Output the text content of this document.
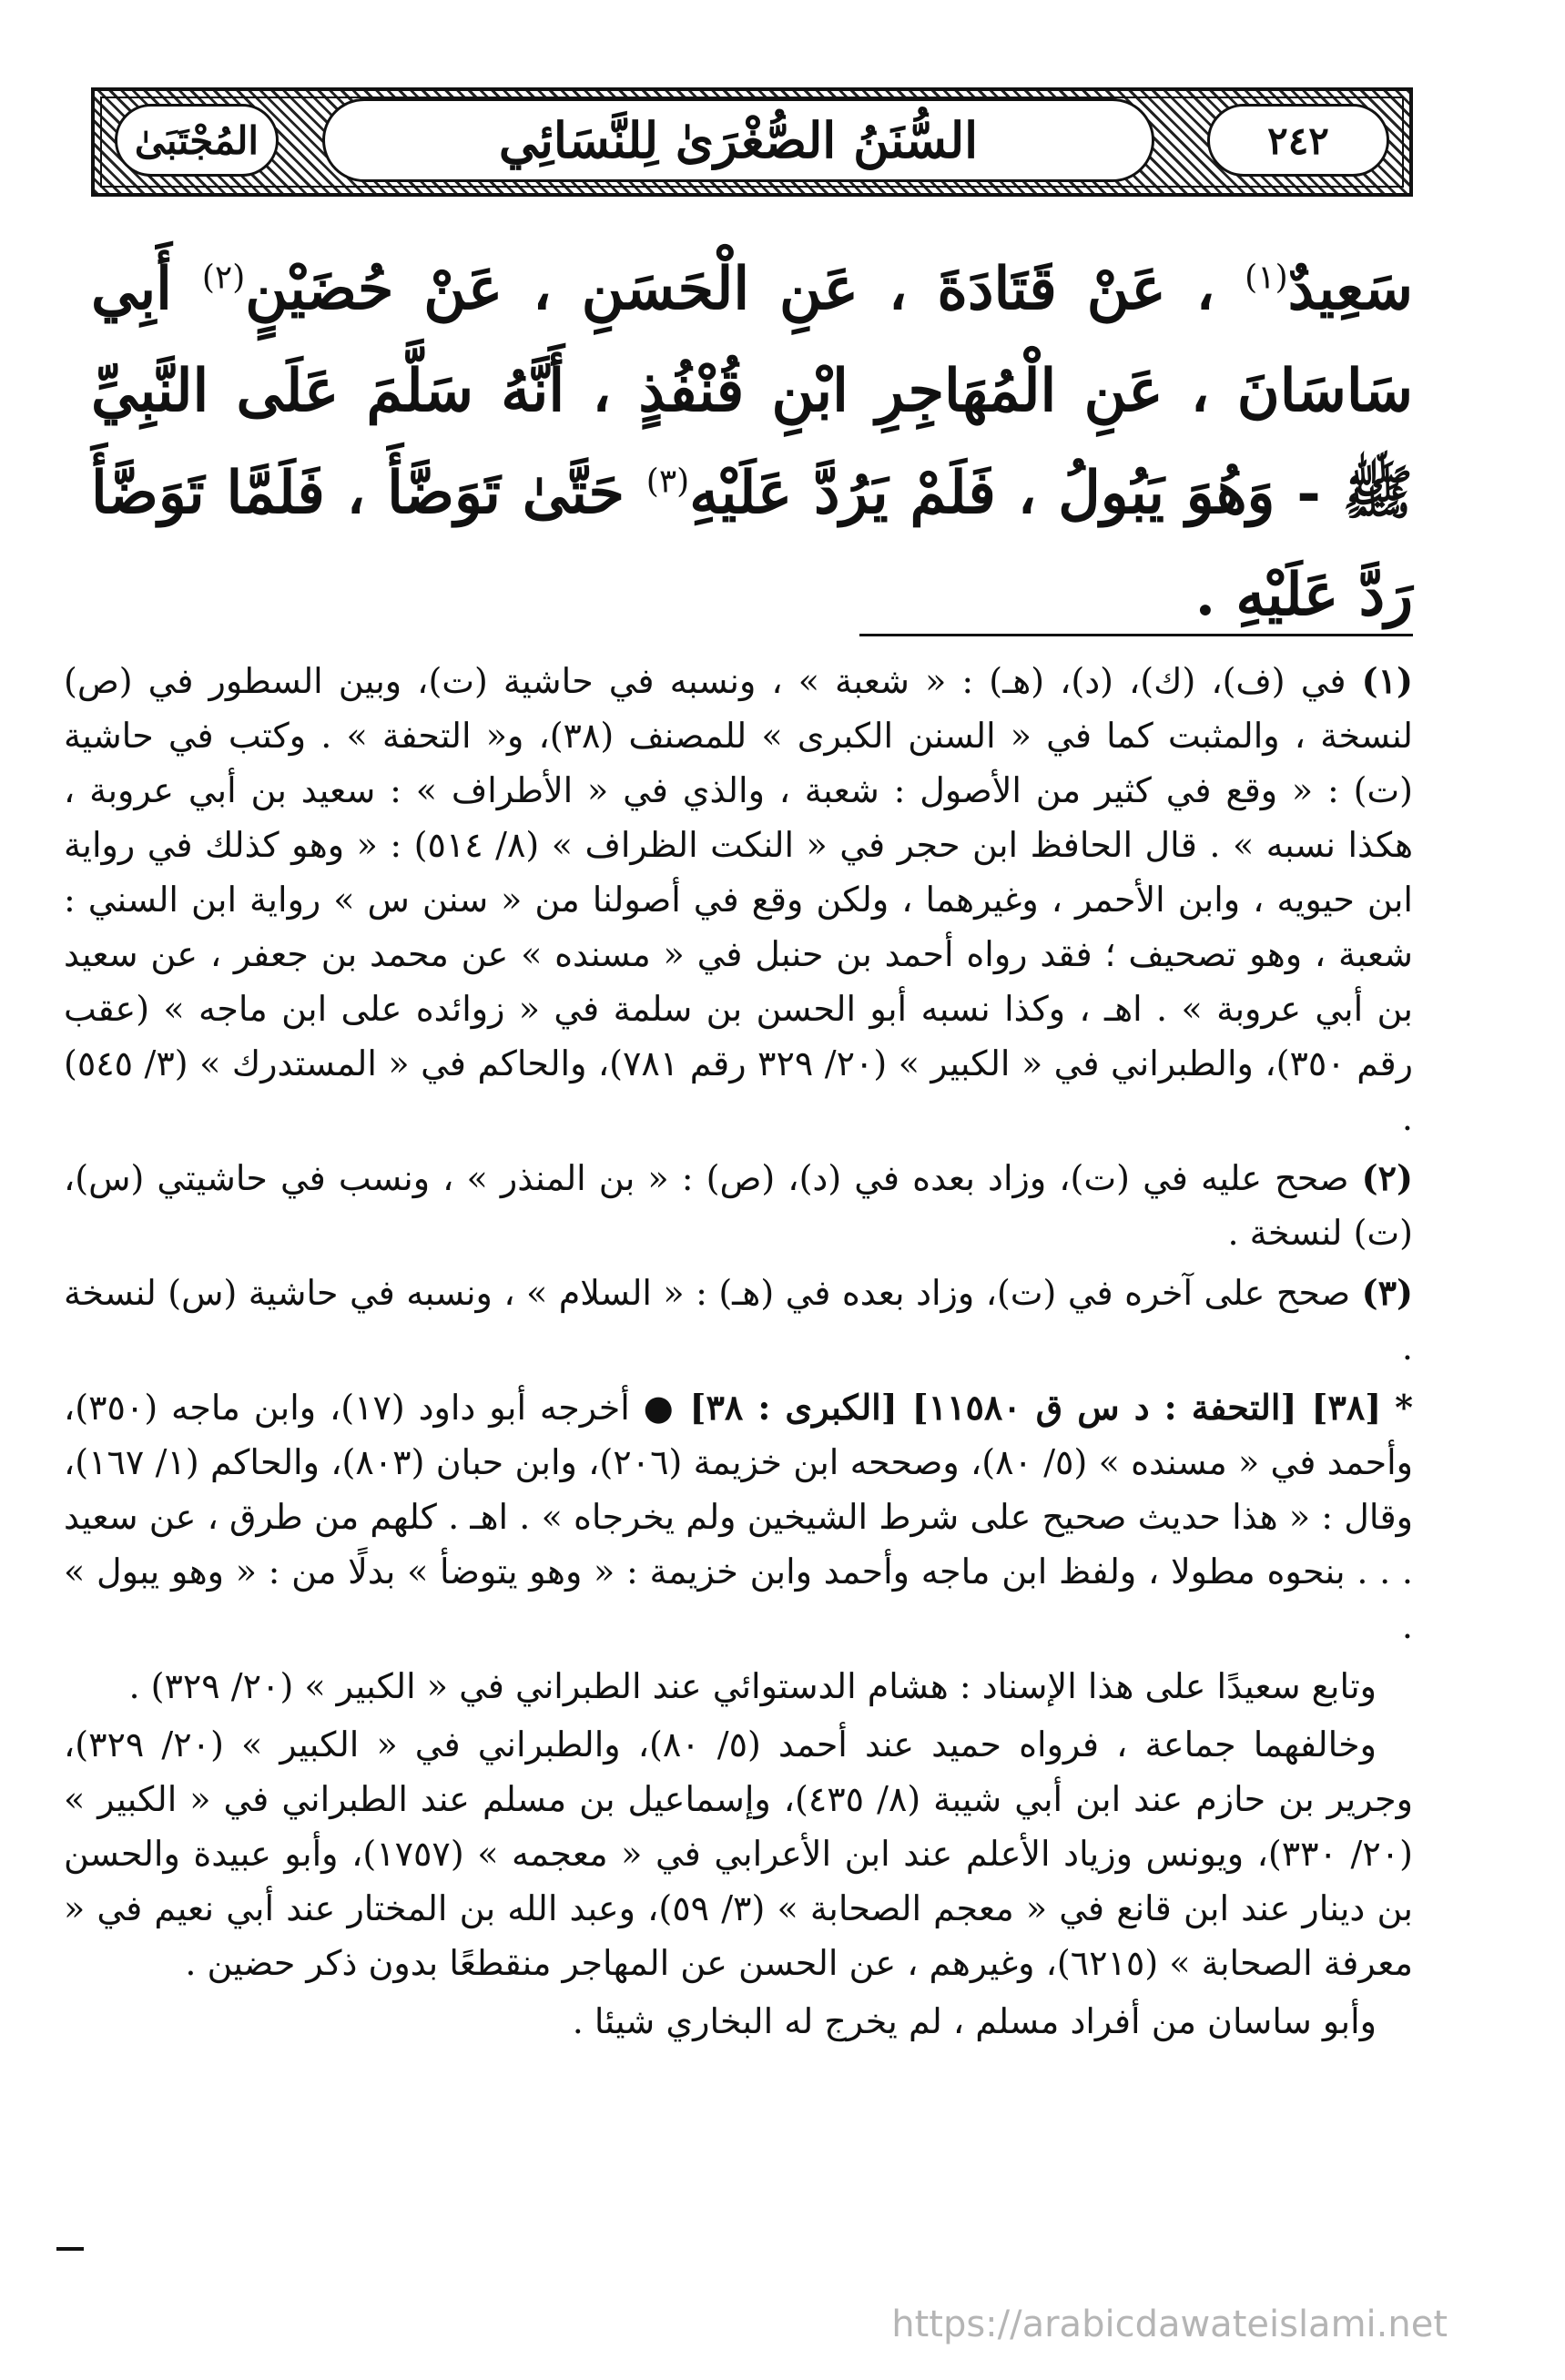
المُجْتَبَىٰ	السُّنَنُ الصُّغْرَىٰ لِلنَّسَائِي	٢٤٢
سَعِيدٌ$^{(١)}$ ، عَنْ قَتَادَةَ ، عَنِ الْحَسَنِ ، عَنْ حُضَيْنٍ$^{(٢)}$ أَبِي سَاسَانَ ، عَنِ الْمُهَاجِرِ ابْنِ قُنْفُذٍ ، أَنَّهُ سَلَّمَ عَلَى النَّبِيِّ ﷺ - وَهُوَ يَبُولُ ، فَلَمْ يَرُدَّ عَلَيْهِ$^{(٣)}$ حَتَّىٰ تَوَضَّأَ ، فَلَمَّا تَوَضَّأَ رَدَّ عَلَيْهِ .
(١) في (ف)، (ك)، (د)، (هـ) : « شعبة » ، ونسبه في حاشية (ت)، وبين السطور في (ص) لنسخة ، والمثبت كما في « السنن الكبرى » للمصنف (٣٨)، و« التحفة » . وكتب في حاشية (ت) : « وقع في كثير من الأصول : شعبة ، والذي في « الأطراف » : سعيد بن أبي عروبة ، هكذا نسبه » . قال الحافظ ابن حجر في « النكت الظراف » (٨/ ٥١٤) : « وهو كذلك في رواية ابن حيويه ، وابن الأحمر ، وغيرهما ، ولكن وقع في أصولنا من « سنن س » رواية ابن السني : شعبة ، وهو تصحيف ؛ فقد رواه أحمد بن حنبل في « مسنده » عن محمد بن جعفر ، عن سعيد بن أبي عروبة » . اهـ ، وكذا نسبه أبو الحسن بن سلمة في « زوائده على ابن ماجه » (عقب رقم ٣٥٠)، والطبراني في « الكبير » (٢٠/ ٣٢٩ رقم ٧٨١)، والحاكم في « المستدرك » (٣/ ٥٤٥) .
(٢) صحح عليه في (ت)، وزاد بعده في (د)، (ص) : « بن المنذر » ، ونسب في حاشيتي (س)، (ت) لنسخة .
(٣) صحح على آخره في (ت)، وزاد بعده في (هـ) : « السلام » ، ونسبه في حاشية (س) لنسخة .
* [٣٨] [التحفة : د س ق ١١٥٨٠] [الكبرى : ٣٨] ● أخرجه أبو داود (١٧)، وابن ماجه (٣٥٠)، وأحمد في « مسنده » (٥/ ٨٠)، وصححه ابن خزيمة (٢٠٦)، وابن حبان (٨٠٣)، والحاكم (١/ ١٦٧)، وقال : « هذا حديث صحيح على شرط الشيخين ولم يخرجاه » . اهـ . كلهم من طرق ، عن سعيد . . . بنحوه مطولا ، ولفظ ابن ماجه وأحمد وابن خزيمة : « وهو يتوضأ » بدلًا من : « وهو يبول » .
وتابع سعيدًا على هذا الإسناد : هشام الدستوائي عند الطبراني في « الكبير » (٢٠/ ٣٢٩) .
وخالفهما جماعة ، فرواه حميد عند أحمد (٥/ ٨٠)، والطبراني في « الكبير » (٢٠/ ٣٢٩)، وجرير بن حازم عند ابن أبي شيبة (٨/ ٤٣٥)، وإسماعيل بن مسلم عند الطبراني في « الكبير » (٢٠/ ٣٣٠)، ويونس وزياد الأعلم عند ابن الأعرابي في « معجمه » (١٧٥٧)، وأبو عبيدة والحسن بن دينار عند ابن قانع في « معجم الصحابة » (٣/ ٥٩)، وعبد الله بن المختار عند أبي نعيم في « معرفة الصحابة » (٦٢١٥)، وغيرهم ، عن الحسن عن المهاجر منقطعًا بدون ذكر حضين .
وأبو ساسان من أفراد مسلم ، لم يخرج له البخاري شيئا .
https://arabicdawateislami.net
